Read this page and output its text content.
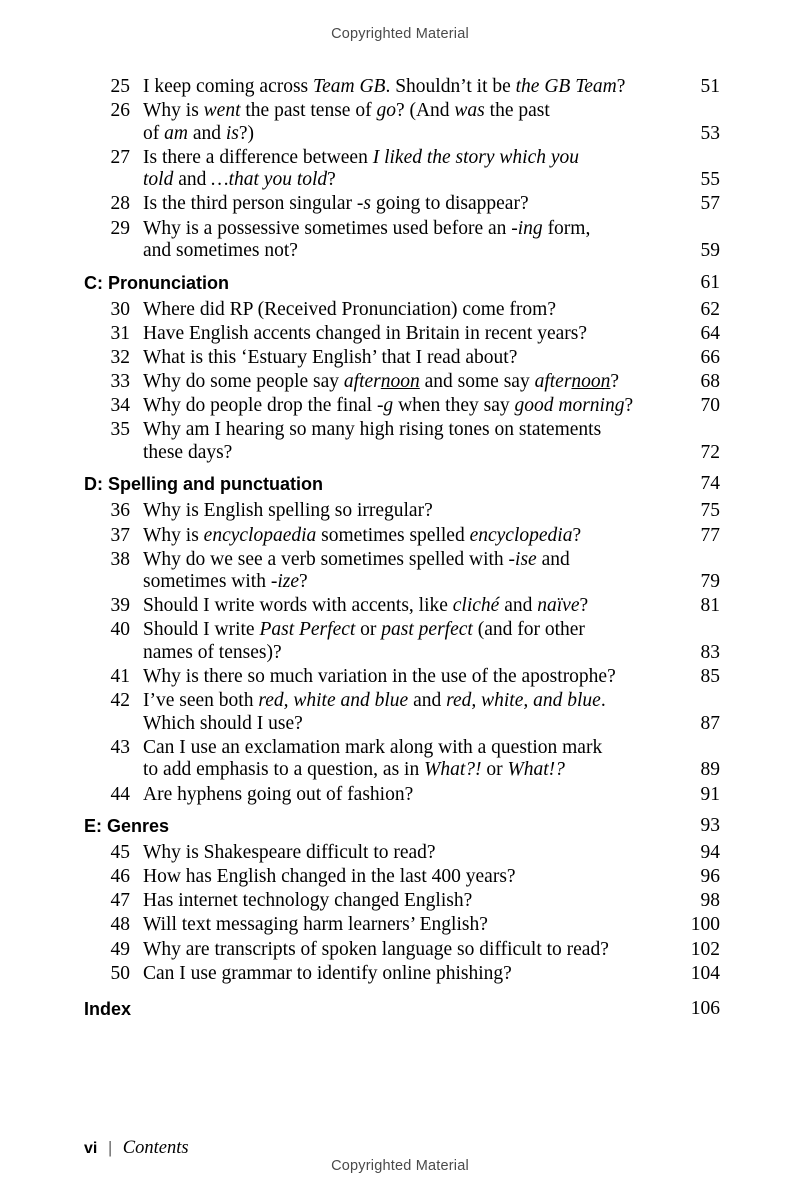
Copyrighted Material
25 I keep coming across Team GB. Shouldn’t it be the GB Team?	51
26 Why is went the past tense of go? (And was the past
of am and is?)	53
27 Is there a difference between I liked the story which you
told and …that you told?	55
28 Is the third person singular -s going to disappear?	57
29 Why is a possessive sometimes used before an -ing form,
and sometimes not?	59
C: Pronunciation	61
30 Where did RP (Received Pronunciation) come from?	62
31 Have English accents changed in Britain in recent years?	64
32 What is this ‘Estuary English’ that I read about?	66
33 Why do some people say afternoon and some say afternoon?	68
34 Why do people drop the final -g when they say good morning?	70
35 Why am I hearing so many high rising tones on statements
these days?	72
D: Spelling and punctuation	74
36 Why is English spelling so irregular?	75
37 Why is encyclopaedia sometimes spelled encyclopedia?	77
38 Why do we see a verb sometimes spelled with -ise and
sometimes with -ize?	79
39 Should I write words with accents, like cliché and naïve?	81
40 Should I write Past Perfect or past perfect (and for other
names of tenses)?	83
41 Why is there so much variation in the use of the apostrophe?	85
42 I’ve seen both red, white and blue and red, white, and blue.
Which should I use?	87
43 Can I use an exclamation mark along with a question mark
to add emphasis to a question, as in What?! or What!?	89
44 Are hyphens going out of fashion?	91
E: Genres	93
45 Why is Shakespeare difficult to read?	94
46 How has English changed in the last 400 years?	96
47 Has internet technology changed English?	98
48 Will text messaging harm learners’ English?	100
49 Why are transcripts of spoken language so difficult to read?	102
50 Can I use grammar to identify online phishing?	104
Index	106
vi | Contents
Copyrighted Material
